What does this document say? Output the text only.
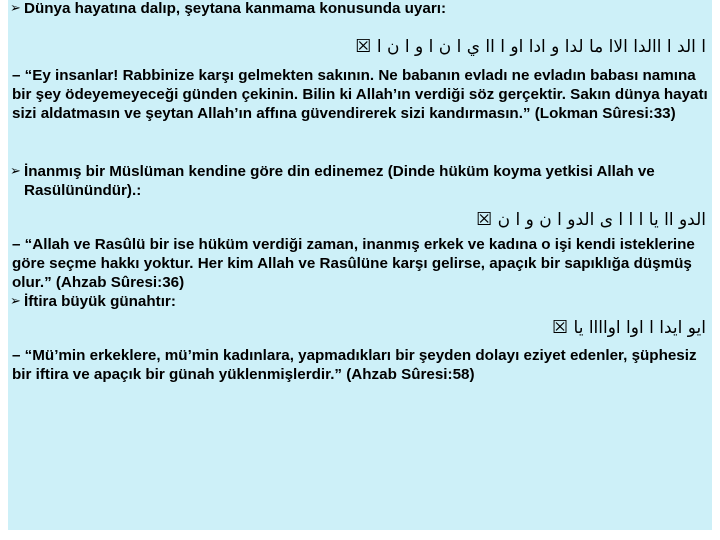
➢ Dünya hayatına dalıp, şeytana kanmama konusunda uyarı:
ا الد ا االدا الاا ما لدا و ادا او ا اا ي ا ن ا و ا ن ا ☒
– “Ey insanlar! Rabbinize karşı gelmekten sakının. Ne babanın evladı ne evladın babası namına bir şey ödeyemeyeceği günden çekinin. Bilin ki Allah’ın verdiği söz gerçektir. Sakın dünya hayatı sizi aldatmasın ve şeytan Allah’ın affına güvendirerek sizi kandırmasın.” (Lokman Sûresi:33)
➢ İnanmış bir Müslüman kendine göre din edinemez (Dinde hüküm koyma yetkisi Allah ve Rasülünündür).:
الدو اا يا ا ا ا ى الدو ا ن و ا ن ☒
– “Allah ve Rasûlü bir ise hüküm verdiği zaman, inanmış erkek ve kadına o işi kendi isteklerine göre seçme hakkı yoktur. Her kim Allah ve Rasûlüne karşı gelirse, apaçık bir sapıklığa düşmüş olur.” (Ahzab Sûresi:36)
➢ İftira büyük günahtır:
ايو ايدا ا اوا اواااا يا ☒
– “Mü’min erkeklere, mü’min kadınlara, yapmadıkları bir şeyden dolayı eziyet edenler, şüphesiz bir iftira ve apaçık bir günah yüklenmişlerdir.” (Ahzab Sûresi:58)
